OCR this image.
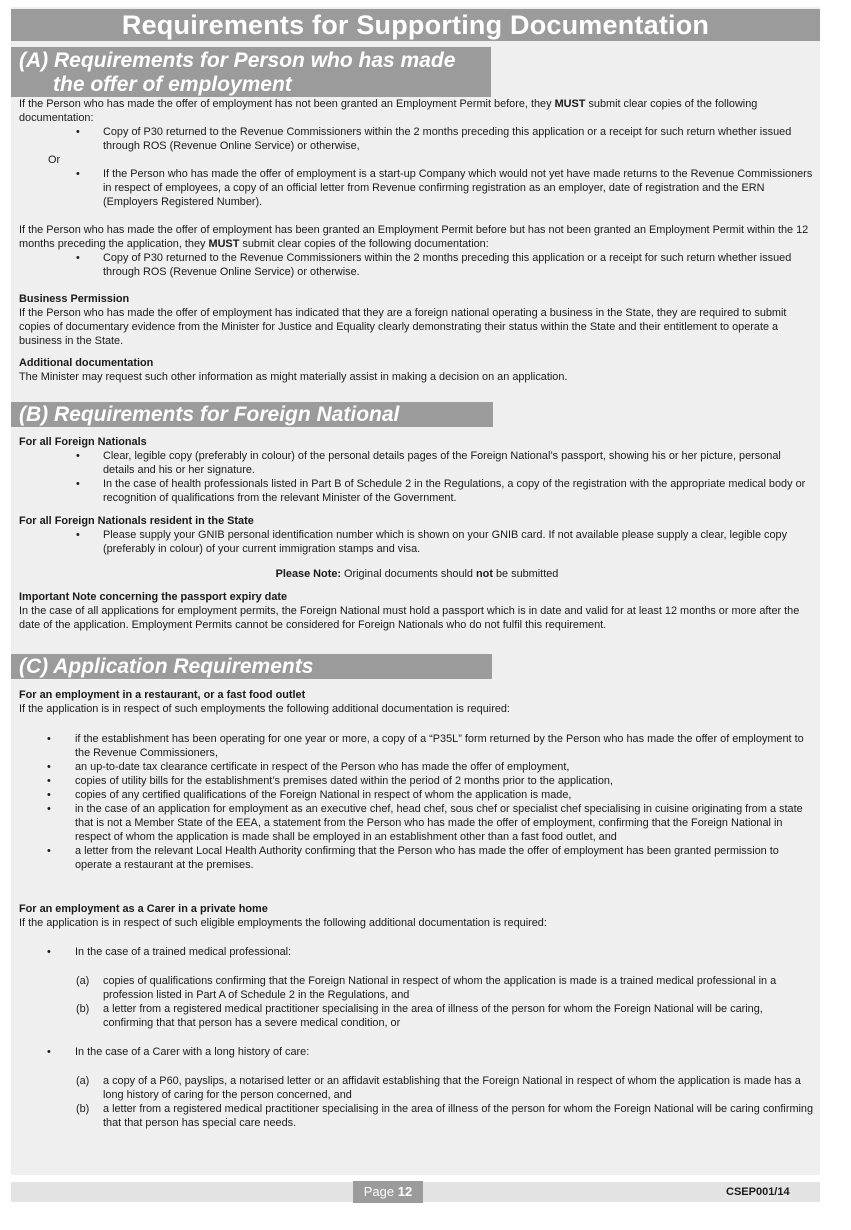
Requirements for Supporting Documentation
(A) Requirements for Person who has made
the offer of employment

If the Person who has made the offer of employment has not been granted an Employment Permit before, they MUST submit clear copies of the following documentation:

• Copy of P30 returned to the Revenue Commissioners within the 2 months preceding this application or a receipt for such return whether issued through ROS (Revenue Online Service) or otherwise,

Or

• If the Person who has made the offer of employment is a start-up Company which would not yet have made returns to the Revenue Commissioners in respect of employees, a copy of an official letter from Revenue confirming registration as an employer, date of registration and the ERN (Employers Registered Number).

If the Person who has made the offer of employment has been granted an Employment Permit before but has not been granted an Employment Permit within the 12 months preceding the application, they MUST submit clear copies of the following documentation:

• Copy of P30 returned to the Revenue Commissioners within the 2 months preceding this application or a receipt for such return whether issued through ROS (Revenue Online Service) or otherwise.

Business Permission

If the Person who has made the offer of employment has indicated that they are a foreign national operating a business in the State, they are required to submit copies of documentary evidence from the Minister for Justice and Equality clearly demonstrating their status within the State and their entitlement to operate a business in the State.

Additional documentation

The Minister may request such other information as might materially assist in making a decision on an application.

(B) Requirements for Foreign National

For all Foreign Nationals

• Clear, legible copy (preferably in colour) of the personal details pages of the Foreign National’s passport, showing his or her picture, personal details and his or her signature.

• In the case of health professionals listed in Part B of Schedule 2 in the Regulations, a copy of the registration with the appropriate medical body or recognition of qualifications from the relevant Minister of the Government.

For all Foreign Nationals resident in the State

• Please supply your GNIB personal identification number which is shown on your GNIB card. If not available please supply a clear, legible copy (preferably in colour) of your current immigration stamps and visa.

Please Note: Original documents should not be submitted

Important Note concerning the passport expiry date

In the case of all applications for employment permits, the Foreign National must hold a passport which is in date and valid for at least 12 months or more after the date of the application. Employment Permits cannot be considered for Foreign Nationals who do not fulfil this requirement.

(C) Application Requirements

For an employment in a restaurant, or a fast food outlet

If the application is in respect of such employments the following additional documentation is required:

• if the establishment has been operating for one year or more, a copy of a “P35L” form returned by the Person who has made the offer of employment to the Revenue Commissioners,

• an up-to-date tax clearance certificate in respect of the Person who has made the offer of employment,

• copies of utility bills for the establishment’s premises dated within the period of 2 months prior to the application,

• copies of any certified qualifications of the Foreign National in respect of whom the application is made,

• in the case of an application for employment as an executive chef, head chef, sous chef or specialist chef specialising in cuisine originating from a state that is not a Member State of the EEA, a statement from the Person who has made the offer of employment, confirming that the Foreign National in respect of whom the application is made shall be employed in an establishment other than a fast food outlet, and

• a letter from the relevant Local Health Authority confirming that the Person who has made the offer of employment has been granted permission to operate a restaurant at the premises.

For an employment as a Carer in a private home

If the application is in respect of such eligible employments the following additional documentation is required:

• In the case of a trained medical professional:

(a) copies of qualifications confirming that the Foreign National in respect of whom the application is made is a trained medical professional in a profession listed in Part A of Schedule 2 in the Regulations, and

(b) a letter from a registered medical practitioner specialising in the area of illness of the person for whom the Foreign National will be caring, confirming that that person has a severe medical condition, or

• In the case of a Carer with a long history of care:

(a) a copy of a P60, payslips, a notarised letter or an affidavit establishing that the Foreign National in respect of whom the application is made has a long history of caring for the person concerned, and

(b) a letter from a registered medical practitioner specialising in the area of illness of the person for whom the Foreign National will be caring confirming that that person has special care needs.

Page 12	CSEP001/14
